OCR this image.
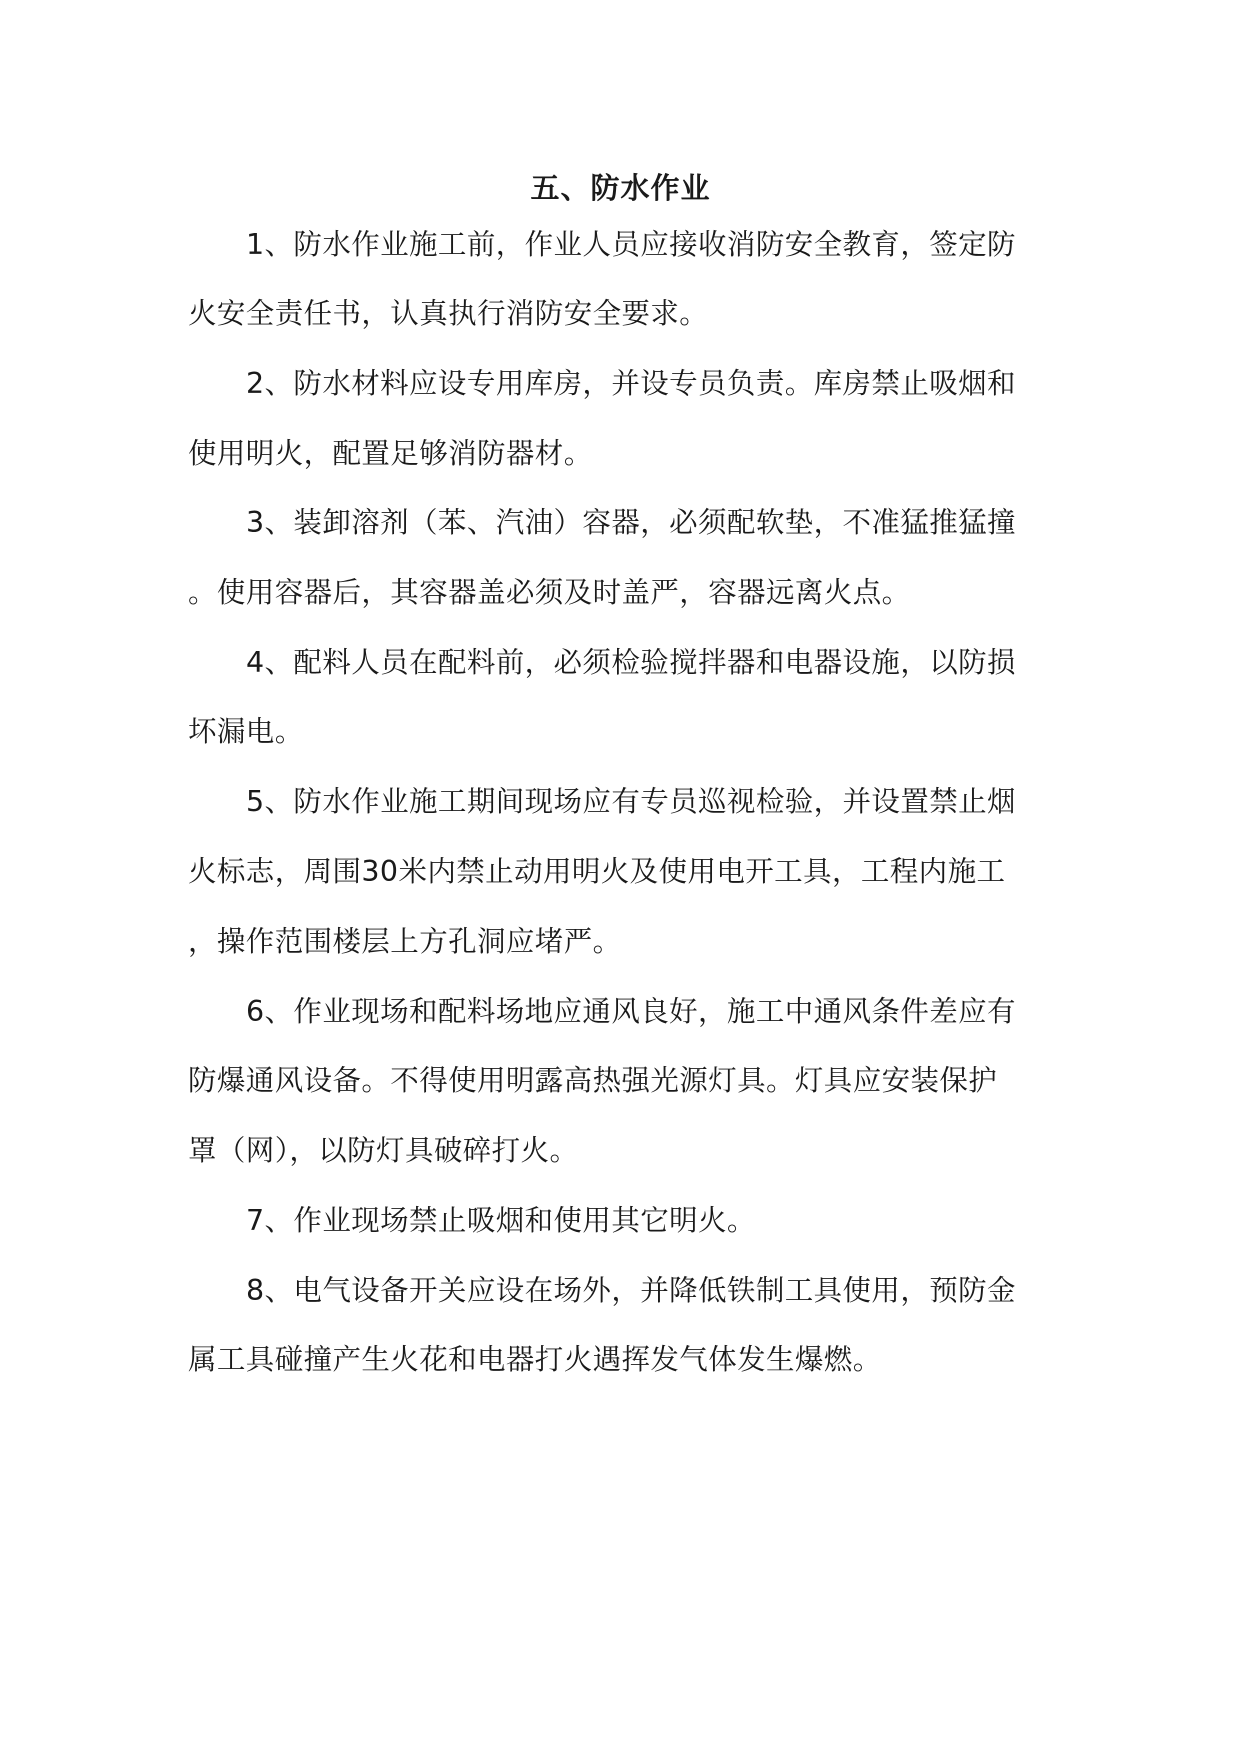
五、防水作业
1、防水作业施工前，作业人员应接收消防安全教育，签定防
火安全责任书，认真执行消防安全要求。
2、防水材料应设专用库房，并设专员负责。库房禁止吸烟和
使用明火，配置足够消防器材。
3、装卸溶剂（苯、汽油）容器，必须配软垫，不准猛推猛撞
。使用容器后，其容器盖必须及时盖严，容器远离火点。
4、配料人员在配料前，必须检验搅拌器和电器设施，以防损
坏漏电。
5、防水作业施工期间现场应有专员巡视检验，并设置禁止烟
火标志，周围30米内禁止动用明火及使用电开工具，工程内施工
，操作范围楼层上方孔洞应堵严。
6、作业现场和配料场地应通风良好，施工中通风条件差应有
防爆通风设备。不得使用明露高热强光源灯具。灯具应安装保护
罩（网），以防灯具破碎打火。
7、作业现场禁止吸烟和使用其它明火。
8、电气设备开关应设在场外，并降低铁制工具使用，预防金
属工具碰撞产生火花和电器打火遇挥发气体发生爆燃。
